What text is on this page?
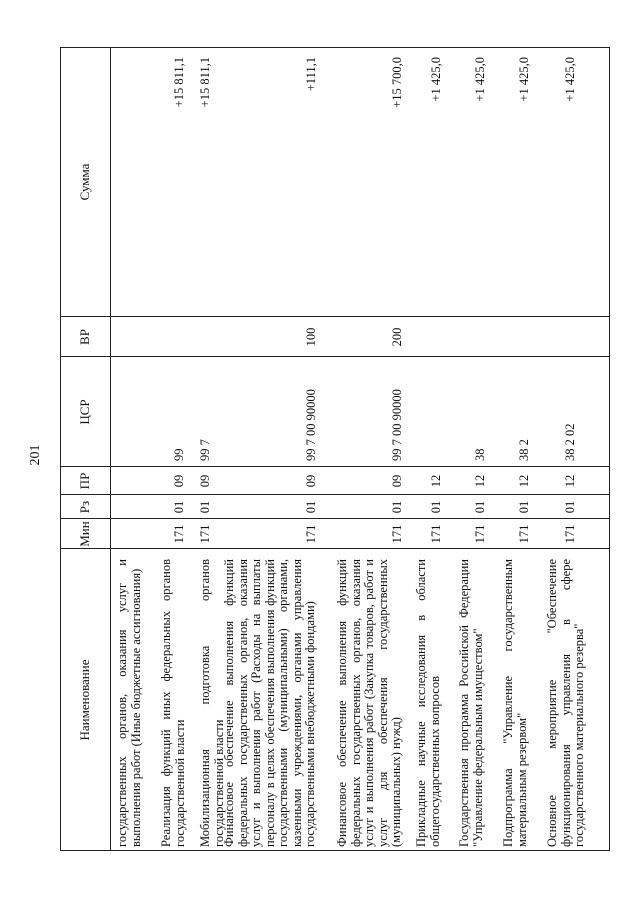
201
Наименование
Мин
Рз
ПР
ЦСР
ВР
Сумма
государственных органов, оказания услуг и выполнения работ (Иные бюджетные ассигнования) Реализация функций иных федеральных органов государственной власти
171
01
09
99
+15 811,1
Мобилизационная подготовка органов государственной власти
171
01
09
99 7
+15 811,1
Финансовое обеспечение выполнения функций федеральных государственных органов, оказания услуг и выполнения работ (Расходы на выплаты персоналу в целях обеспечения выполнения функций государственными (муниципальными) органами, казенными учреждениями, органами управления государственными внебюджетными фондами)
171
01
09
99 7 00 90000
100
+111,1
Финансовое обеспечение выполнения функций федеральных государственных органов, оказания услуг и выполнения работ (Закупка товаров, работ и услуг для обеспечения государственных (муниципальных) нужд)
171
01
09
99 7 00 90000
200
+15 700,0
Прикладные научные исследования в области общегосударственных вопросов
171
01
12
+1 425,0
Государственная программа Российской Федерации "Управление федеральным имуществом"
171
01
12
38
+1 425,0
Подпрограмма "Управление государственным материальным резервом"
171
01
12
38 2
+1 425,0
Основное мероприятие "Обеспечение функционирования управления в сфере государственного материального резерва"
171
01
12
38 2 02
+1 425,0
